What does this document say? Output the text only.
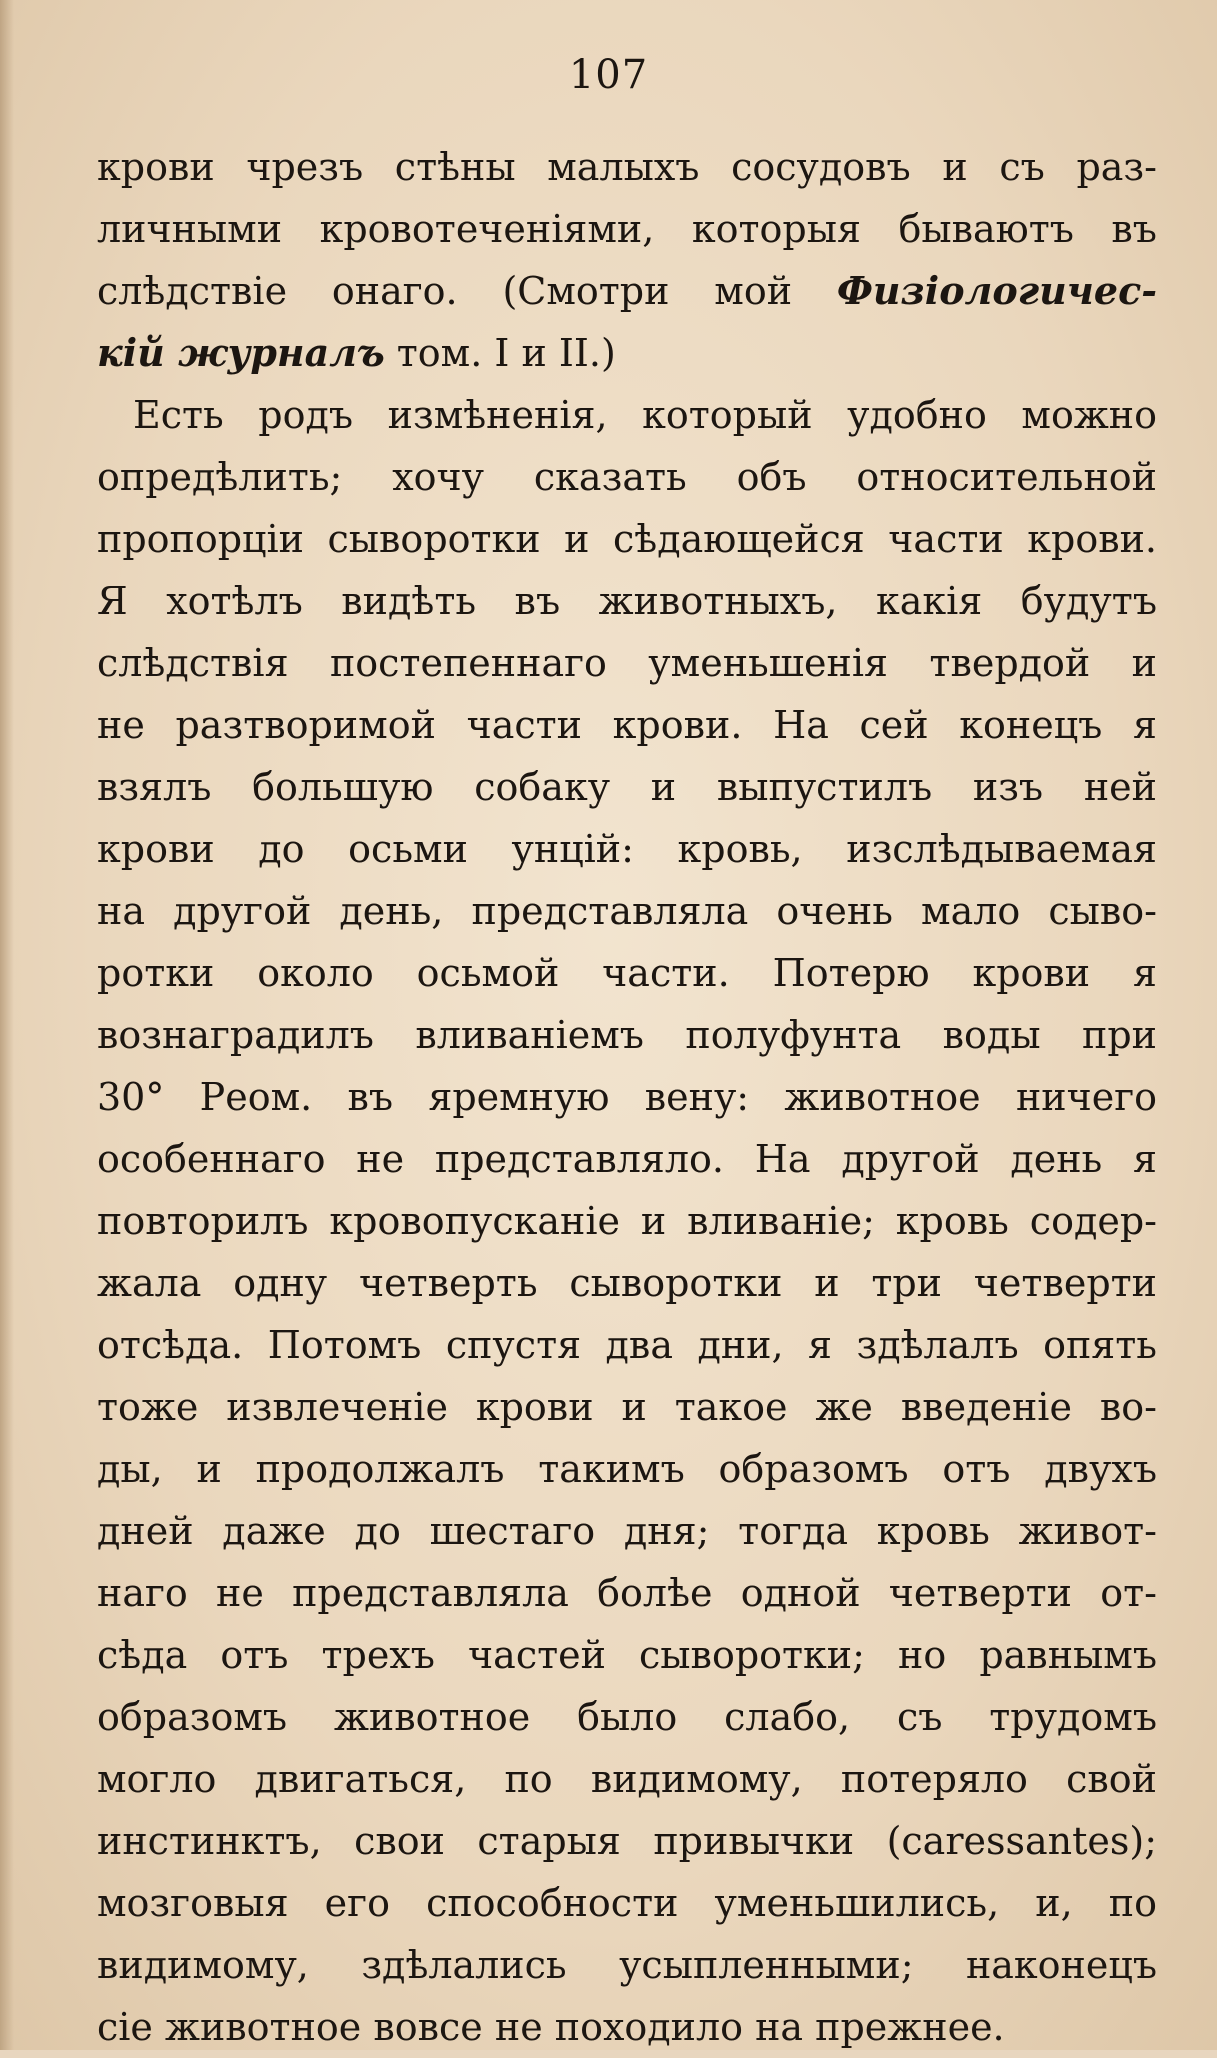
107
крови чрезъ стѣны малыхъ сосудовъ и съ раз-
личными кровотеченіями, которыя бываютъ въ
слѣдствіе онаго. (Смотри мой Физіологичес-
кій журналъ том. I и II.)
Есть родъ измѣненія, который удобно можно
опредѣлить; хочу сказать объ относительной
пропорціи сыворотки и сѣдающейся части крови.
Я хотѣлъ видѣть въ животныхъ, какія будутъ
слѣдствія постепеннаго уменьшенія твердой и
не разтворимой части крови. На сей конецъ я
взялъ большую собаку и выпустилъ изъ ней
крови до осьми унцій: кровь, изслѣдываемая
на другой день, представляла очень мало сыво-
ротки около осьмой части. Потерю крови я
вознаградилъ вливаніемъ полуфунта воды при
30° Реом. въ яремную вену: животное ничего
особеннаго не представляло. На другой день я
повторилъ кровопусканіе и вливаніе; кровь содер-
жала одну четверть сыворотки и три четверти
отсѣда. Потомъ спустя два дни, я здѣлалъ опять
тоже извлеченіе крови и такое же введеніе во-
ды, и продолжалъ такимъ образомъ отъ двухъ
дней даже до шестаго дня; тогда кровь живот-
наго не представляла болѣе одной четверти от-
сѣда отъ трехъ частей сыворотки; но равнымъ
образомъ животное было слабо, съ трудомъ
могло двигаться, по видимому, потеряло свой
инстинктъ, свои старыя привычки (caressantes);
мозговыя его способности уменьшились, и, по
видимому, здѣлались усыпленными; наконецъ
сіе животное вовсе не походило на прежнее.
